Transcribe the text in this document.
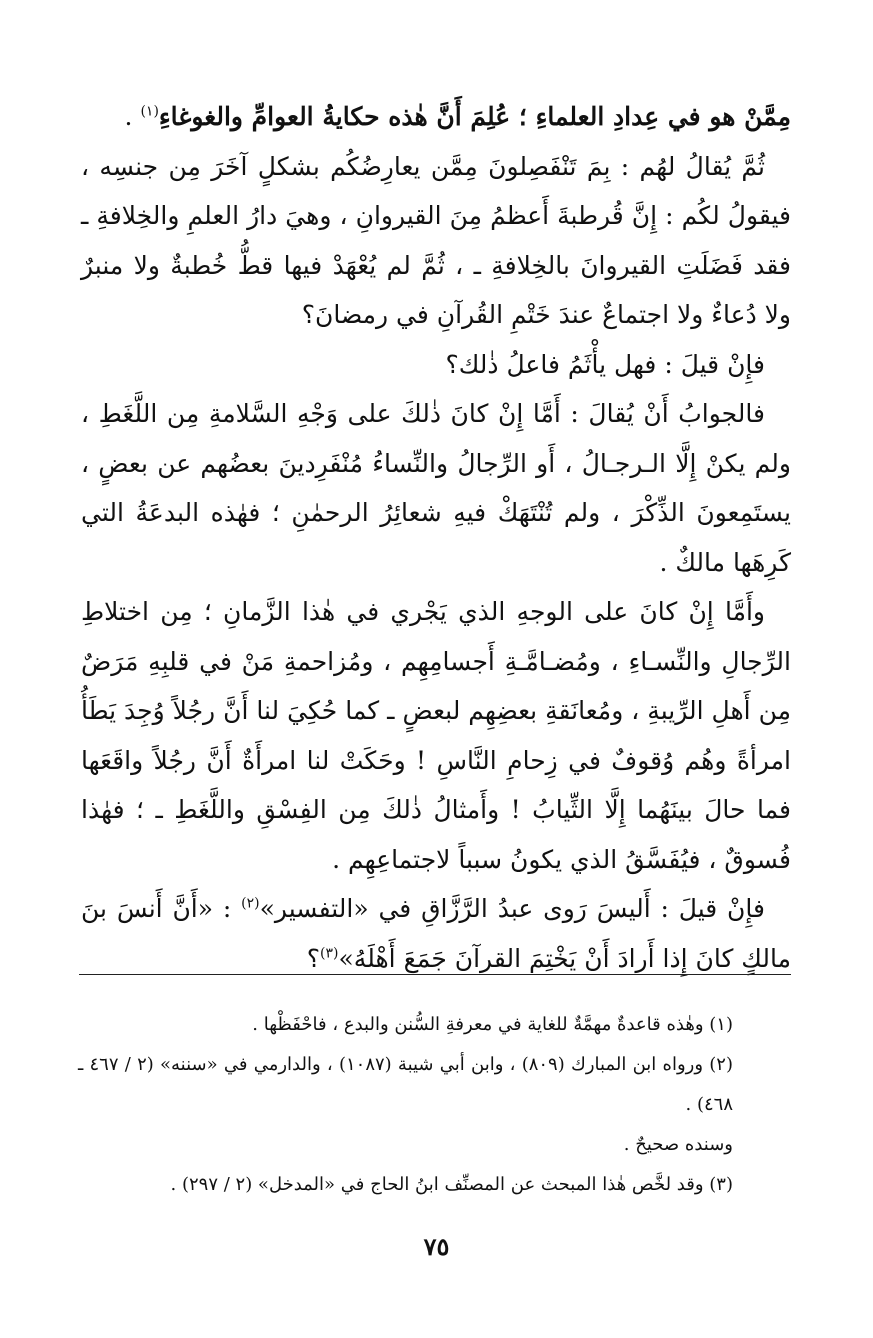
مِمَّنْ هو في عِدادِ العلماءِ ؛ عُلِمَ أَنَّ هٰذه حكايةُ العوامِّ والغوغاءِ$^{(١)}$ .

ثُمَّ يُقالُ لهُم : بِمَ تَنْفَصِلونَ مِمَّن يعارِضُكُم بشكلٍ آخَرَ مِن جنسِه ، فيقولُ لكُم : إِنَّ قُرطبةَ أَعظمُ مِنَ القيروانِ ، وهيَ دارُ العلمِ والخِلافةِ ـ فقد فَضَلَتِ القيروانَ بالخِلافةِ ـ ، ثُمَّ لم يُعْهَدْ فيها قطُّ خُطبةٌ ولا منبرٌ ولا دُعاءٌ ولا اجتماعٌ عندَ خَتْمِ القُرآنِ في رمضانَ؟

فإِنْ قيلَ : فهل يأْثَمُ فاعلُ ذٰلك؟

فالجوابُ أَنْ يُقالَ : أَمَّا إِنْ كانَ ذٰلكَ على وَجْهِ السَّلامةِ مِن اللَّغَطِ ، ولم يكنْ إِلَّا الـرجـالُ ، أَو الرِّجالُ والنِّساءُ مُنْفَرِدينَ بعضُهم عن بعضٍ ، يستَمِعونَ الذِّكْرَ ، ولم تُنْتَهَكْ فيهِ شعائِرُ الرحمٰنِ ؛ فهٰذه البدعَةُ التي كَرِهَها مالكٌ .

وأَمَّا إِنْ كانَ على الوجهِ الذي يَجْري في هٰذا الزَّمانِ ؛ مِن اختلاطِ الرِّجالِ والنِّسـاءِ ، ومُضـامَّـةِ أَجسامِهِم ، ومُزاحمةِ مَنْ في قلبِهِ مَرَضٌ مِن أَهلِ الرِّيبةِ ، ومُعانَقةِ بعضِهِم لبعضٍ ـ كما حُكِيَ لنا أَنَّ رجُلاً وُجِدَ يَطَأُ امرأةً وهُم وُقوفٌ في زِحامِ النَّاسِ ! وحَكَتْ لنا امرأَةٌ أَنَّ رجُلاً واقَعَها فما حالَ بينَهُما إِلَّا الثِّيابُ ! وأَمثالُ ذٰلكَ مِن الفِسْقِ واللَّغَطِ ـ ؛ فهٰذا فُسوقٌ ، فيُفَسَّقُ الذي يكونُ سبباً لاجتماعِهِم .

فإِنْ قيلَ : أَليسَ رَوى عبدُ الرَّزَّاقِ في «التفسير»$^{(٢)}$ : «أَنَّ أَنسَ بنَ مالكٍ كانَ إِذا أَرادَ أَنْ يَخْتِمَ القرآنَ جَمَعَ أَهْلَهُ»$^{(٣)}$؟

(١) وهٰذه قاعدةٌ مهمَّةٌ للغاية في معرفةِ السُّنن والبدع ، فاحْفَظْها .

(٢) ورواه ابن المبارك (٨٠٩) ، وابن أبي شيبة (١٠٨٧) ، والدارمي في «سننه» (٢ / ٤٦٧ ـ ٤٦٨) .

وسنده صحيحٌ .

(٣) وقد لخَّص هٰذا المبحث عن المصنِّف ابنُ الحاج في «المدخل» (٢ / ٢٩٧) .

٧٥
